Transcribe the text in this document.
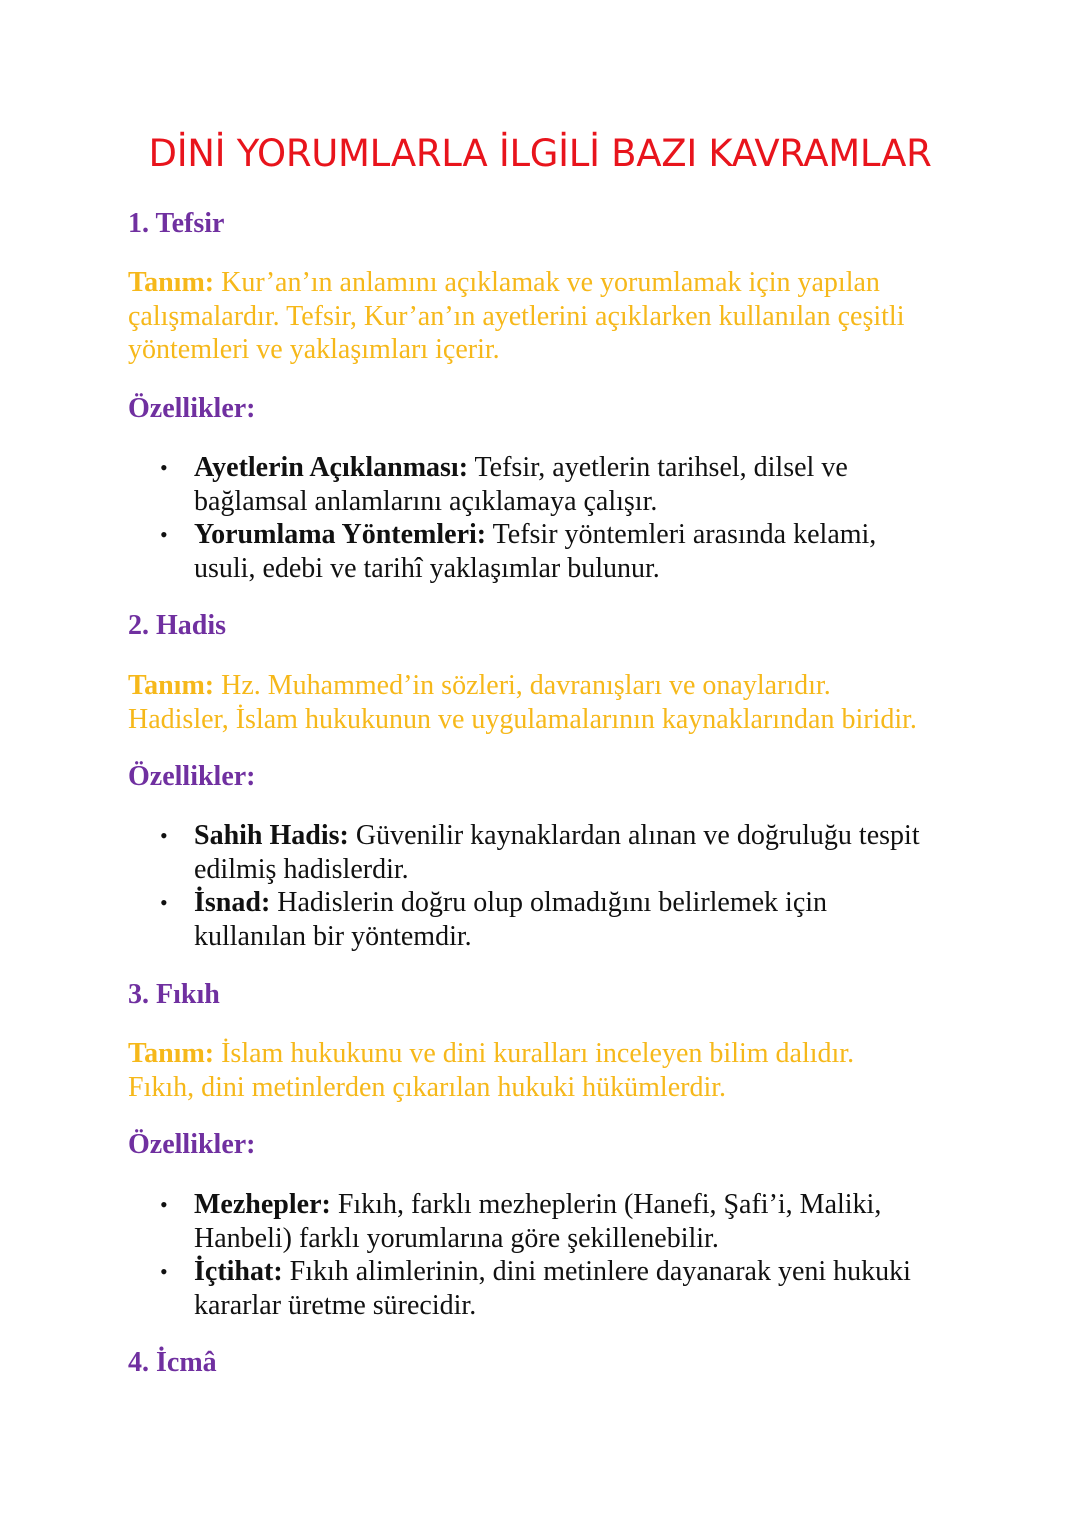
DİNİ YORUMLARLA İLGİLİ BAZI KAVRAMLAR
1. Tefsir
Tanım: Kur’an’ın anlamını açıklamak ve yorumlamak için yapılan
çalışmalardır. Tefsir, Kur’an’ın ayetlerini açıklarken kullanılan çeşitli
yöntemleri ve yaklaşımları içerir.
Özellikler:
• Ayetlerin Açıklanması: Tefsir, ayetlerin tarihsel, dilsel ve
bağlamsal anlamlarını açıklamaya çalışır.
• Yorumlama Yöntemleri: Tefsir yöntemleri arasında kelami,
usuli, edebi ve tarihî yaklaşımlar bulunur.
2. Hadis
Tanım: Hz. Muhammed’in sözleri, davranışları ve onaylarıdır.
Hadisler, İslam hukukunun ve uygulamalarının kaynaklarından biridir.
Özellikler:
• Sahih Hadis: Güvenilir kaynaklardan alınan ve doğruluğu tespit
edilmiş hadislerdir.
• İsnad: Hadislerin doğru olup olmadığını belirlemek için
kullanılan bir yöntemdir.
3. Fıkıh
Tanım: İslam hukukunu ve dini kuralları inceleyen bilim dalıdır.
Fıkıh, dini metinlerden çıkarılan hukuki hükümlerdir.
Özellikler:
• Mezhepler: Fıkıh, farklı mezheplerin (Hanefi, Şafi’i, Maliki,
Hanbeli) farklı yorumlarına göre şekillenebilir.
• İçtihat: Fıkıh alimlerinin, dini metinlere dayanarak yeni hukuki
kararlar üretme sürecidir.
4. İcmâ
